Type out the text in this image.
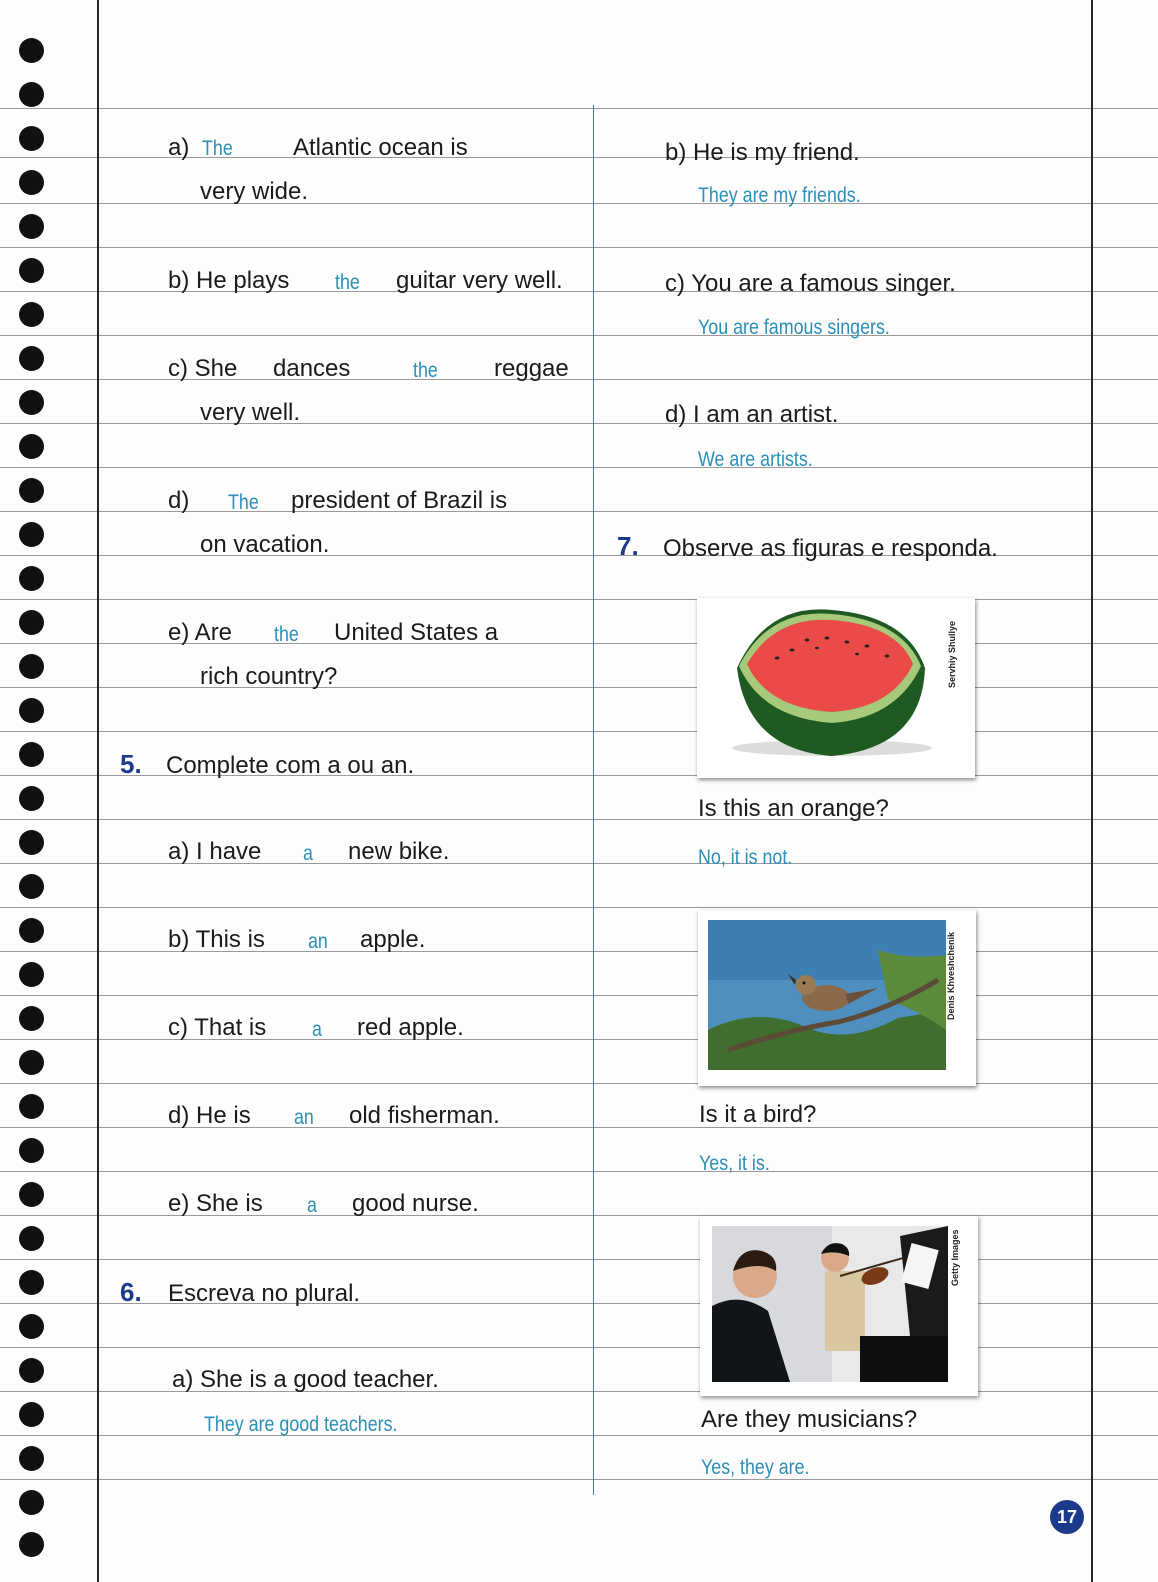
a) The	Atlantic ocean is
very wide.
b) He plays the guitar very well.
c) She dances	the reggae
very well.
d) The president of Brazil is
on vacation.
e) Are the United States a
rich country?
5. Complete com a ou an.
a) I have a new bike.
b) This is an apple.
c) That is a red apple.
d) He is an old fisherman.
e) She is a good nurse.
6. Escreva no plural.
a) She is a good teacher.
They are good teachers.
b) He is my friend.
They are my friends.
c) You are a famous singer.
You are famous singers.
d) I am an artist.
We are artists.
7. Observe as figuras e responda.
Servhiy Shullye
Is this an orange?
No, it is not.
Denis Khveshchenik
Is it a bird?
Yes, it is.
Getty Images
Are they musicians?
Yes, they are.
17
